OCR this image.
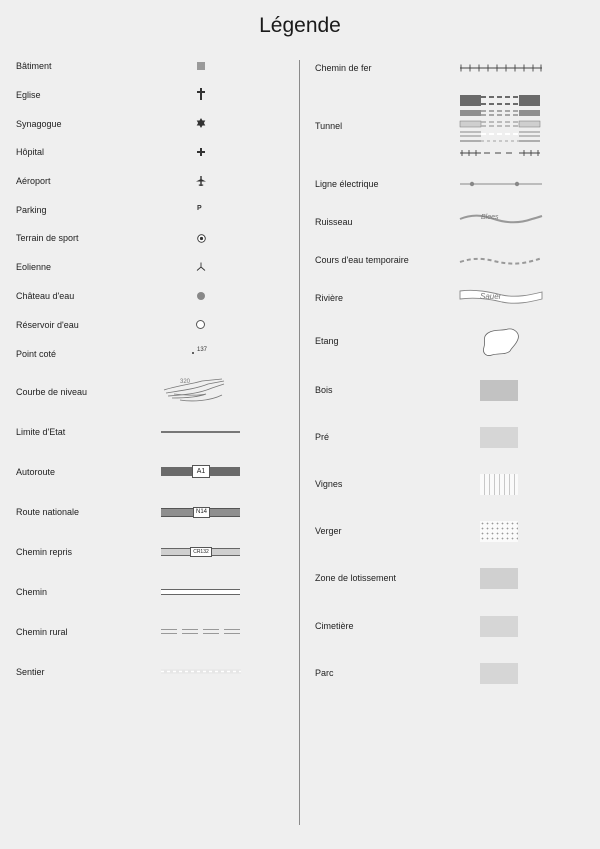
Légende
Bâtiment
Eglise
Synagogue
Hôpital
Aéroport
Parking	P
Terrain de sport
Eolienne
Château d'eau
Réservoir d'eau
Point coté	137
Courbe de niveau
320
Limite d'Etat
Autoroute	A1
Route nationale	N14
Chemin repris	CR132
Chemin
Chemin rural
Sentier
Chemin de fer
Tunnel
Ligne électrique
Ruisseau	Blees
Cours d'eau temporaire
Rivière	Sauer
Etang
Bois
Pré
Vignes
Verger
Zone de lotissement
Cimetière
Parc
